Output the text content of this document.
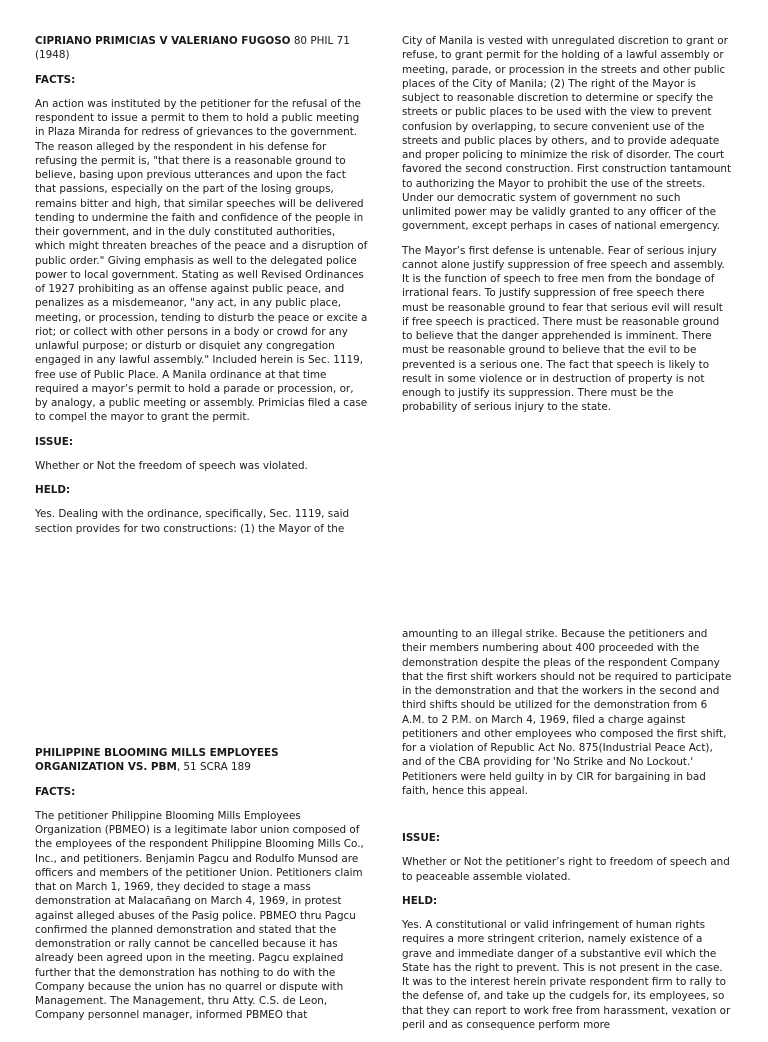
CIPRIANO PRIMICIAS V VALERIANO FUGOSO 80 PHIL 71 (1948)

FACTS:

An action was instituted by the petitioner for the refusal of the respondent to issue a permit to them to hold a public meeting in Plaza Miranda for redress of grievances to the government. The reason alleged by the respondent in his defense for refusing the permit is, "that there is a reasonable ground to believe, basing upon previous utterances and upon the fact that passions, especially on the part of the losing groups, remains bitter and high, that similar speeches will be delivered tending to undermine the faith and confidence of the people in their government, and in the duly constituted authorities, which might threaten breaches of the peace and a disruption of public order." Giving emphasis as well to the delegated police power to local government. Stating as well Revised Ordinances of 1927 prohibiting as an offense against public peace, and penalizes as a misdemeanor, "any act, in any public place, meeting, or procession, tending to disturb the peace or excite a riot; or collect with other persons in a body or crowd for any unlawful purpose; or disturb or disquiet any congregation engaged in any lawful assembly." Included herein is Sec. 1119, free use of Public Place. A Manila ordinance at that time required a mayor’s permit to hold a parade or procession, or, by analogy, a public meeting or assembly. Primicias filed a case to compel the mayor to grant the permit.

ISSUE:

Whether or Not the freedom of speech was violated.

HELD:

Yes. Dealing with the ordinance, specifically, Sec. 1119, said section provides for two constructions: (1) the Mayor of the

City of Manila is vested with unregulated discretion to grant or refuse, to grant permit for the holding of a lawful assembly or meeting, parade, or procession in the streets and other public places of the City of Manila; (2) The right of the Mayor is subject to reasonable discretion to determine or specify the streets or public places to be used with the view to prevent confusion by overlapping, to secure convenient use of the streets and public places by others, and to provide adequate and proper policing to minimize the risk of disorder. The court favored the second construction. First construction tantamount to authorizing the Mayor to prohibit the use of the streets. Under our democratic system of government no such unlimited power may be validly granted to any officer of the government, except perhaps in cases of national emergency.

The Mayor’s first defense is untenable. Fear of serious injury cannot alone justify suppression of free speech and assembly. It is the function of speech to free men from the bondage of irrational fears. To justify suppression of free speech there must be reasonable ground to fear that serious evil will result if free speech is practiced. There must be reasonable ground to believe that the danger apprehended is imminent. There must be reasonable ground to believe that the evil to be prevented is a serious one. The fact that speech is likely to result in some violence or in destruction of property is not enough to justify its suppression. There must be the probability of serious injury to the state.

amounting to an illegal strike. Because the petitioners and their members numbering about 400 proceeded with the demonstration despite the pleas of the respondent Company that the first shift workers should not be required to participate in the demonstration and that the workers in the second and third shifts should be utilized for the demonstration from 6 A.M. to 2 P.M. on March 4, 1969, filed a charge against petitioners and other employees who composed the first shift, for a violation of Republic Act No. 875(Industrial Peace Act), and of the CBA providing for 'No Strike and No Lockout.' Petitioners were held guilty in by CIR for bargaining in bad faith, hence this appeal.

PHILIPPINE BLOOMING MILLS EMPLOYEES ORGANIZATION VS. PBM, 51 SCRA 189

FACTS:

The petitioner Philippine Blooming Mills Employees Organization (PBMEO) is a legitimate labor union composed of the employees of the respondent Philippine Blooming Mills Co., Inc., and petitioners. Benjamin Pagcu and Rodulfo Munsod are officers and members of the petitioner Union. Petitioners claim that on March 1, 1969, they decided to stage a mass demonstration at Malacañang on March 4, 1969, in protest against alleged abuses of the Pasig police. PBMEO thru Pagcu confirmed the planned demonstration and stated that the demonstration or rally cannot be cancelled because it has already been agreed upon in the meeting. Pagcu explained further that the demonstration has nothing to do with the Company because the union has no quarrel or dispute with Management. The Management, thru Atty. C.S. de Leon, Company personnel manager, informed PBMEO that

ISSUE:

Whether or Not the petitioner’s right to freedom of speech and to peaceable assemble violated.

HELD:

Yes. A constitutional or valid infringement of human rights requires a more stringent criterion, namely existence of a grave and immediate danger of a substantive evil which the State has the right to prevent. This is not present in the case. It was to the interest herein private respondent firm to rally to the defense of, and take up the cudgels for, its employees, so that they can report to work free from harassment, vexation or peril and as consequence perform more
